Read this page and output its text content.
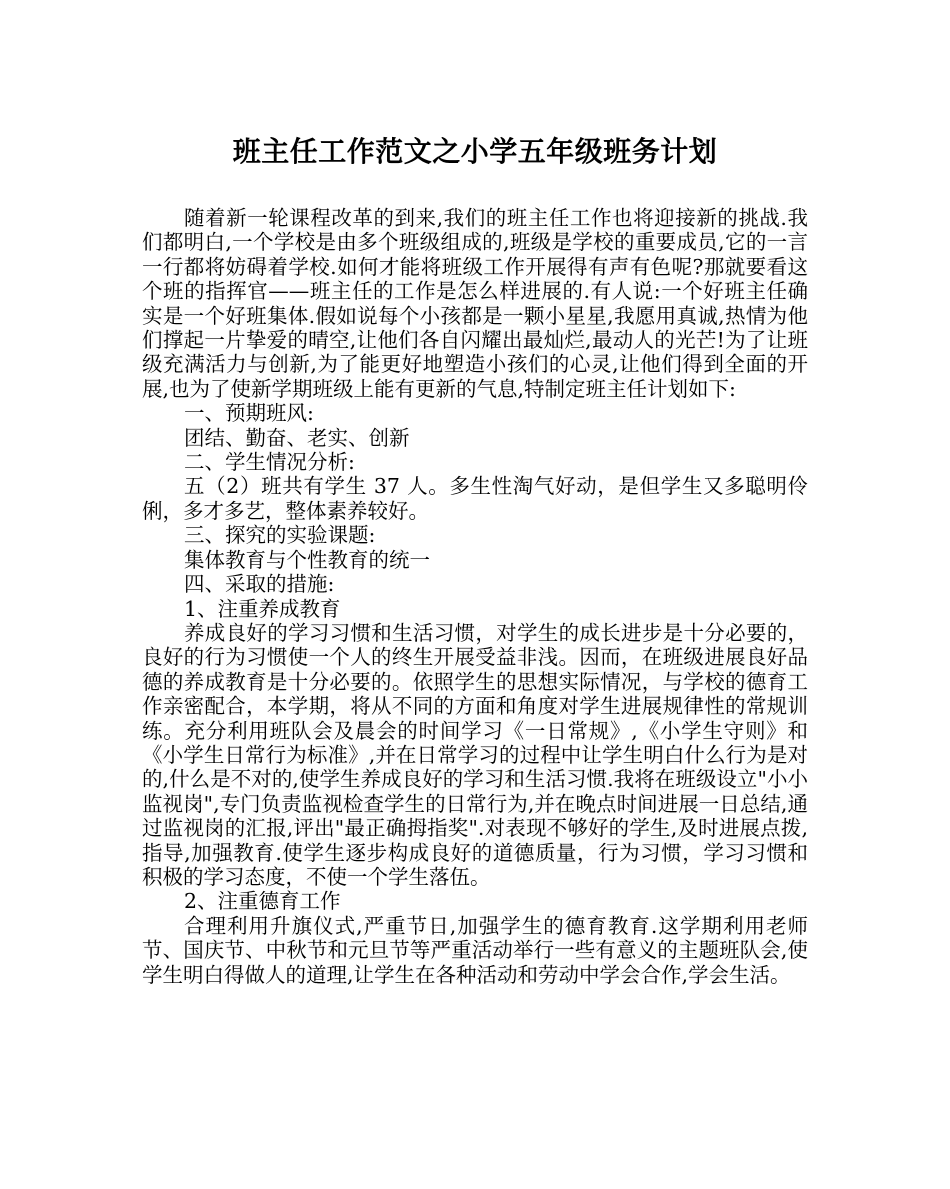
班主任工作范文之小学五年级班务计划

随着新一轮课程改革的到来,我们的班主任工作也将迎接新的挑战.我们都明白,一个学校是由多个班级组成的,班级是学校的重要成员,它的一言一行都将妨碍着学校.如何才能将班级工作开展得有声有色呢?那就要看这个班的指挥官——班主任的工作是怎么样进展的.有人说:一个好班主任确实是一个好班集体.假如说每个小孩都是一颗小星星,我愿用真诚,热情为他们撑起一片挚爱的晴空,让他们各自闪耀出最灿烂,最动人的光芒!为了让班级充满活力与创新,为了能更好地塑造小孩们的心灵,让他们得到全面的开展,也为了使新学期班级上能有更新的气息,特制定班主任计划如下:

一、预期班风:

团结、勤奋、老实、创新

二、学生情况分析:

五（2）班共有学生 37 人。多生性淘气好动，是但学生又多聪明伶俐，多才多艺，整体素养较好。

三、探究的实验课题:

集体教育与个性教育的统一

四、采取的措施:

1、注重养成教育

养成良好的学习习惯和生活习惯，对学生的成长进步是十分必要的，良好的行为习惯使一个人的终生开展受益非浅。因而，在班级进展良好品德的养成教育是十分必要的。依照学生的思想实际情况，与学校的德育工作亲密配合，本学期，将从不同的方面和角度对学生进展规律性的常规训练。充分利用班队会及晨会的时间学习《一日常规》,《小学生守则》和《小学生日常行为标准》,并在日常学习的过程中让学生明白什么行为是对的,什么是不对的,使学生养成良好的学习和生活习惯.我将在班级设立"小小监视岗",专门负责监视检查学生的日常行为,并在晚点时间进展一日总结,通过监视岗的汇报,评出"最正确拇指奖".对表现不够好的学生,及时进展点拨,指导,加强教育.使学生逐步构成良好的道德质量，行为习惯，学习习惯和积极的学习态度，不使一个学生落伍。

2、注重德育工作

合理利用升旗仪式,严重节日,加强学生的德育教育.这学期利用老师节、国庆节、中秋节和元旦节等严重活动举行一些有意义的主题班队会,使学生明白得做人的道理,让学生在各种活动和劳动中学会合作,学会生活。
